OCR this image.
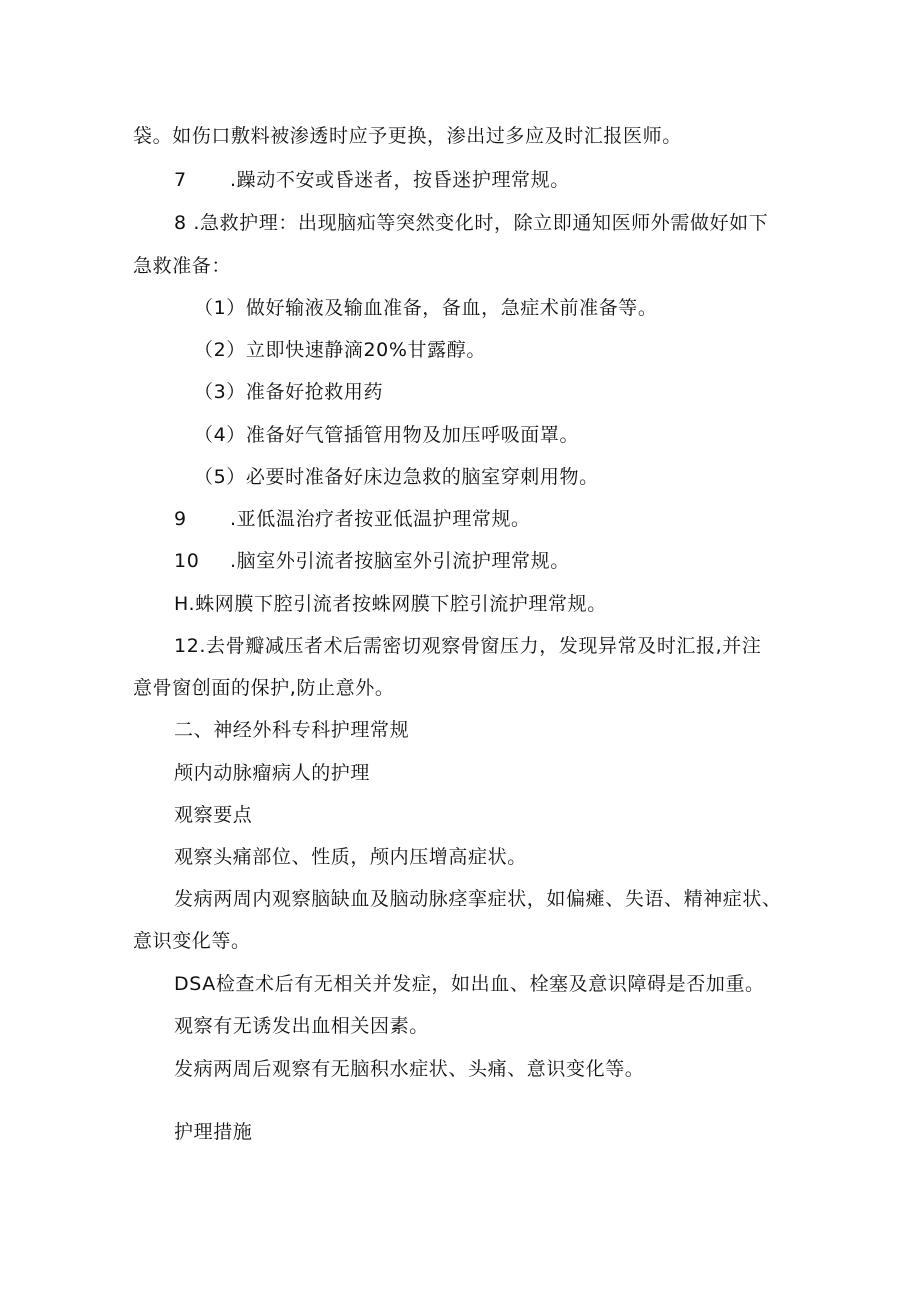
袋。如伤口敷料被渗透时应予更换，渗出过多应及时汇报医师。
7 .躁动不安或昏迷者，按昏迷护理常规。
8 .急救护理：出现脑疝等突然变化时，除立即通知医师外需做好如下
急救准备：
（1）做好输液及输血准备，备血，急症术前准备等。
（2）立即快速静滴20%甘露醇。
（3）准备好抢救用药
（4）准备好气管插管用物及加压呼吸面罩。
（5）必要时准备好床边急救的脑室穿刺用物。
9 .亚低温治疗者按亚低温护理常规。
10 .脑室外引流者按脑室外引流护理常规。
H.蛛网膜下腔引流者按蛛网膜下腔引流护理常规。
12.去骨瓣减压者术后需密切观察骨窗压力，发现异常及时汇报,并注
意骨窗创面的保护,防止意外。
二、神经外科专科护理常规
颅内动脉瘤病人的护理
观察要点
观察头痛部位、性质，颅内压增高症状。
发病两周内观察脑缺血及脑动脉痉挛症状，如偏瘫、失语、精神症状、
意识变化等。
DSA检查术后有无相关并发症，如出血、栓塞及意识障碍是否加重。
观察有无诱发出血相关因素。
发病两周后观察有无脑积水症状、头痛、意识变化等。
护理措施
